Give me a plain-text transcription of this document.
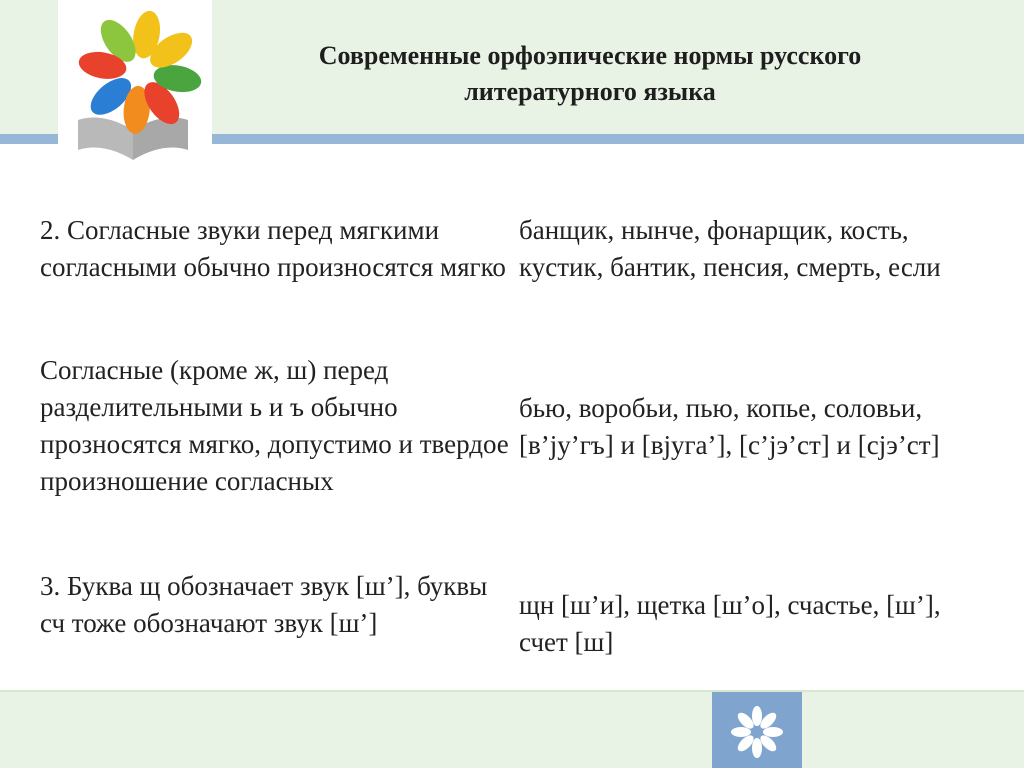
Современные орфоэпические нормы русского литературного языка
2. Согласные звуки перед мягкими согласными обычно произносятся мягко
банщик, нынче, фонарщик, кость, кустик, бантик, пенсия, смерть, если
Согласные (кроме ж, ш) перед разделительными ь и ъ обычно прозносятся мягко, допустимо и твердое произношение согласных
бью, воробьи, пью, копье, соловьи, [в’ју’гъ] и [вјуга’], [с’јэ’ст] и [сјэ’ст]
3. Буква щ обозначает звук [ш’], буквы сч тоже обозначают звук [ш’]
щн [ш’и], щетка [ш’о], счастье, [ш’], счет [ш]
